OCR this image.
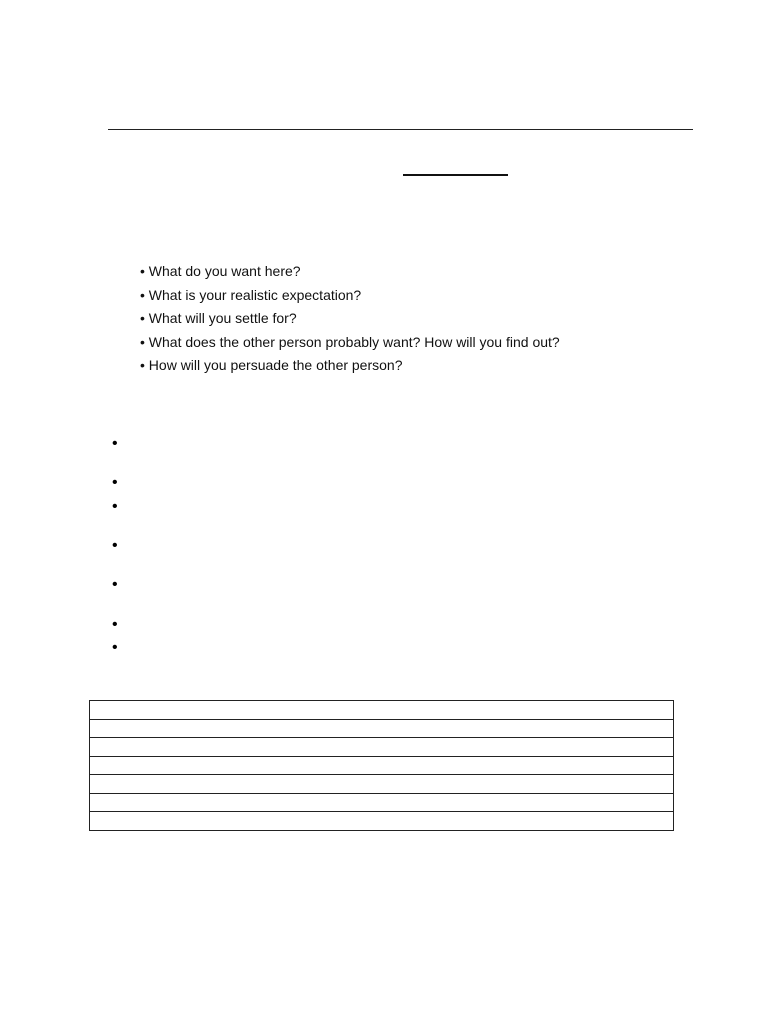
• What do you want here?
• What is your realistic expectation?
• What will you settle for?
• What does the other person probably want? How will you find out?
• How will you persuade the other person?
•
•
•
•
•
•
•
